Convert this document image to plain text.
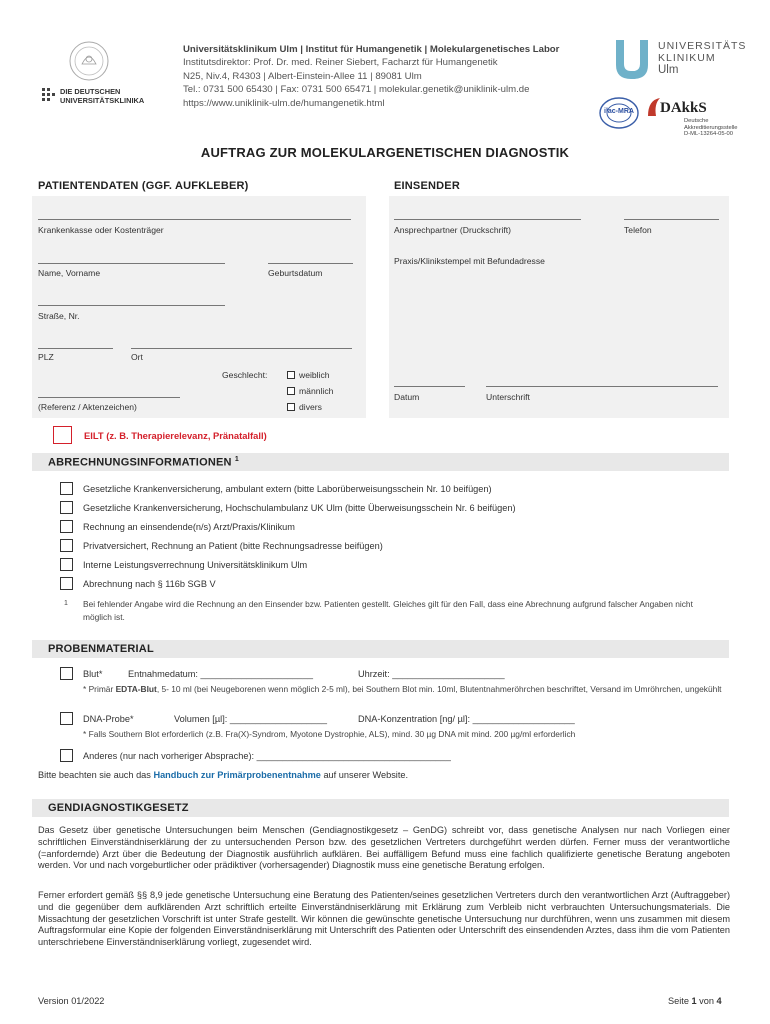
DIE DEUTSCHEN
UNIVERSITÄTSKLINIKA
Universitätsklinikum Ulm | Institut für Humangenetik | Molekulargenetisches Labor
Institutsdirektor: Prof. Dr. med. Reiner Siebert, Facharzt für Humangenetik
N25, Niv.4, R4303 | Albert-Einstein-Allee 11 | 89081 Ulm
Tel.: 0731 500 65430 | Fax: 0731 500 65471 | molekular.genetik@uniklinik-ulm.de
https://www.uniklinik-ulm.de/humangenetik.html
UNIVERSITÄTS
KLINIKUM
Ulm
ilac-MRA DAkkS
Deutsche
Akkreditierungsstelle
D-ML-13264-05-00
AUFTRAG ZUR MOLEKULARGENETISCHEN DIAGNOSTIK
PATIENTENDATEN (GGF. AUFKLEBER)	EINSENDER
Krankenkasse oder Kostenträger
Name, Vorname	Geburtsdatum
Straße, Nr.
PLZ	Ort
Geschlecht:	weiblich
männlich
divers
(Referenz / Aktenzeichen)
Ansprechpartner (Druckschrift)	Telefon
Praxis/Klinikstempel mit Befundadresse
Datum	Unterschrift
EILT (z. B. Therapierelevanz, Pränatalfall)
ABRECHNUNGSINFORMATIONEN $^1$
Gesetzliche Krankenversicherung, ambulant extern (bitte Laborüberweisungsschein Nr. 10 beifügen)
Gesetzliche Krankenversicherung, Hochschulambulanz UK Ulm (bitte Überweisungsschein Nr. 6 beifügen)
Rechnung an einsendende(n/s) Arzt/Praxis/Klinikum
Privatversichert, Rechnung an Patient (bitte Rechnungsadresse beifügen)
Interne Leistungsverrechnung Universitätsklinikum Ulm
Abrechnung nach § 116b SGB V
1 Bei fehlender Angabe wird die Rechnung an den Einsender bzw. Patienten gestellt. Gleiches gilt für den Fall, dass eine Abrechnung aufgrund falscher Angaben nicht möglich ist.
PROBENMATERIAL
Blut*	Entnahmedatum: ______________________	Uhrzeit: ______________________
* Primär EDTA-Blut, 5- 10 ml (bei Neugeborenen wenn möglich 2-5 ml), bei Southern Blot min. 10ml, Blutentnahmeröhrchen beschriftet, Versand im Umröhrchen, ungekühlt
DNA-Probe*	Volumen [µl]: ___________________	DNA-Konzentration [ng/ µl]: ____________________
* Falls Southern Blot erforderlich (z.B. Fra(X)-Syndrom, Myotone Dystrophie, ALS), mind. 30 µg DNA mit mind. 200 µg/ml erforderlich
Anderes (nur nach vorheriger Absprache): ______________________________________
Bitte beachten sie auch das Handbuch zur Primärprobenentnahme auf unserer Website.
GENDIAGNOSTIKGESETZ
Das Gesetz über genetische Untersuchungen beim Menschen (Gendiagnostikgesetz – GenDG) schreibt vor, dass genetische Analysen nur nach Vorliegen einer schriftlichen Einverständniserklärung der zu untersuchenden Person bzw. des gesetzlichen Vertreters durchgeführt werden dürfen. Ferner muss der verantwortliche (=anfordernde) Arzt über die Bedeutung der Diagnostik ausführlich aufklären. Bei auffälligem Befund muss eine fachlich qualifizierte genetische Beratung angeboten werden. Vor und nach vorgeburtlicher oder prädiktiver (vorhersagender) Diagnostik muss eine genetische Beratung erfolgen.
Ferner erfordert gemäß §§ 8,9 jede genetische Untersuchung eine Beratung des Patienten/seines gesetzlichen Vertreters durch den verantwortlichen Arzt (Auftraggeber) und die gegenüber dem aufklärenden Arzt schriftlich erteilte Einverständniserklärung mit Erklärung zum Verbleib nicht verbrauchten Untersuchungsmaterials. Die Missachtung der gesetzlichen Vorschrift ist unter Strafe gestellt. Wir können die gewünschte genetische Untersuchung nur durchführen, wenn uns zusammen mit diesem Auftragsformular eine Kopie der folgenden Einverständniserklärung mit Unterschrift des Patienten oder Unterschrift des einsendenden Arztes, dass ihm die vom Patienten unterschriebene Einverständniserklärung vorliegt, zugesendet wird.
Version 01/2022	Seite 1 von 4
